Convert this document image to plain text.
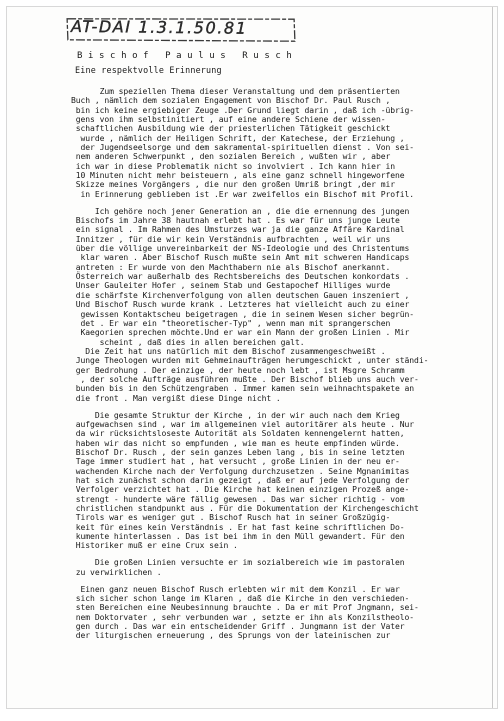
AT-DAI 1.3.1.50.81
Bischof Paulus Rusch
Eine respektvolle Erinnerung
Zum speziellen Thema dieser Veranstaltung und dem präsentierten
Buch , nämlich dem sozialen Engagement von Bischof Dr. Paul Rusch ,
bin ich keine ergiebiger Zeuge .Der Grund liegt darin , daß ich -übrig-
gens von ihm selbstinitiert , auf eine andere Schiene der wissen-
schaftlichen Ausbildung wie der priesterlichen Tätigkeit geschickt
wurde , nämlich der Heiligen Schrift, der Katechese, der Erziehung ,
der Jugendseelsorge und dem sakramental-spirituellen dienst . Von sei-
nem anderen Schwerpunkt , den sozialen Bereich , wußten wir , aber
ich war in diese Problematik nicht so involviert . Ich kann hier in
10 Minuten nicht mehr beisteuern , als eine ganz schnell hingeworfene
Skizze meines Vorgängers , die nur den großen Umriß bringt ,der mir
in Erinnerung geblieben ist .Er war zweifellos ein Bischof mit Profil.
Ich gehöre noch jener Generation an , die die ernennung des jungen
Bischofs im Jahre 38 hautnah erlebt hat . Es war für uns junge Leute
ein signal . Im Rahmen des Umsturzes war ja die ganze Affäre Kardinal
Innitzer , für die wir kein Verständnis aufbrachten , weil wir uns
über die völlige unvereinbarkeit der NS-Ideologie und des Christentums
klar waren . Aber Bischof Rusch mußte sein Amt mit schweren Handicaps
antreten : Er wurde von den Machthabern nie als Bischof anerkannt.
Österreich war außerhalb des Rechtsbereichs des Deutschen konkordats .
Unser Gauleiter Hofer , seinem Stab und Gestapochef Hilliges wurde
die schärfste Kirchenverfolgung von allen deutschen Gauen inszeniert ,
Und Bischof Rusch wurde krank . Letzteres hat vielleicht auch zu einer
gewissen Kontaktscheu beigetragen , die in seinem Wesen sicher begrün-
det . Er war ein "theoretischer-Typ" , wenn man mit sprangerschen
Kaegorien sprechen möchte.Und er war ein Mann der großen Linien . Mir
scheint , daß dies in allen bereichen galt.
Die Zeit hat uns natürlich mit dem Bischof zusammengeschweißt .
Junge Theologen wurden mit Gehmeinaufträgen herumgeschickt , unter ständi-
ger Bedrohung . Der einzige , der heute noch lebt , ist Msgre Schramm
, der solche Aufträge ausführen mußte . Der Bischof blieb uns auch ver-
bunden bis in den Schützengraben . Immer kamen sein weihnachtspakete an
die front . Man vergißt diese Dinge nicht .
Die gesamte Struktur der Kirche , in der wir auch nach dem Krieg
aufgewachsen sind , war im allgemeinen viel autoritärer als heute . Nur
da wir rücksichtsloseste Autorität als Soldaten kennengelernt hatten,
haben wir das nicht so empfunden , wie man es heute empfinden würde.
Bischof Dr. Rusch , der sein ganzes Leben lang , bis in seine letzten
Tage immer studiert hat , hat versucht , große Linien in der neu er-
wachenden Kirche nach der Verfolgung durchzusetzen . Seine Mgnanimitas
hat sich zunächst schon darin gezeigt , daß er auf jede Verfolgung der
Verfolger verzichtet hat . Die Kirche hat keinen einzigen Prozeß ange-
strengt - hunderte wäre fällig gewesen . Das war sicher richtig - vom
christlichen standpunkt aus . Für die Dokumentation der Kirchengeschicht
Tirols war es weniger gut . Bischof Rusch hat in seiner Großzügig-
keit für eines kein Verständnis . Er hat fast keine schriftlichen Do-
kumente hinterlassen . Das ist bei ihm in den Müll gewandert. Für den
Historiker muß er eine Crux sein .
Die großen Linien versuchte er im sozialbereich wie im pastoralen
zu verwirklichen .
Einen ganz neuen Bischof Rusch erlebten wir mit dem Konzil . Er war
sich sicher schon lange im Klaren , daß die Kirche in den verschieden-
sten Bereichen eine Neubesinnung brauchte . Da er mit Prof Jngmann, sei-
nem Doktorvater , sehr verbunden war , setzte er ihn als Konzilstheolo-
gen durch . Das war ein entscheidender Griff . Jungmann ist der Vater
der liturgischen erneuerung , des Sprungs von der lateinischen zur
